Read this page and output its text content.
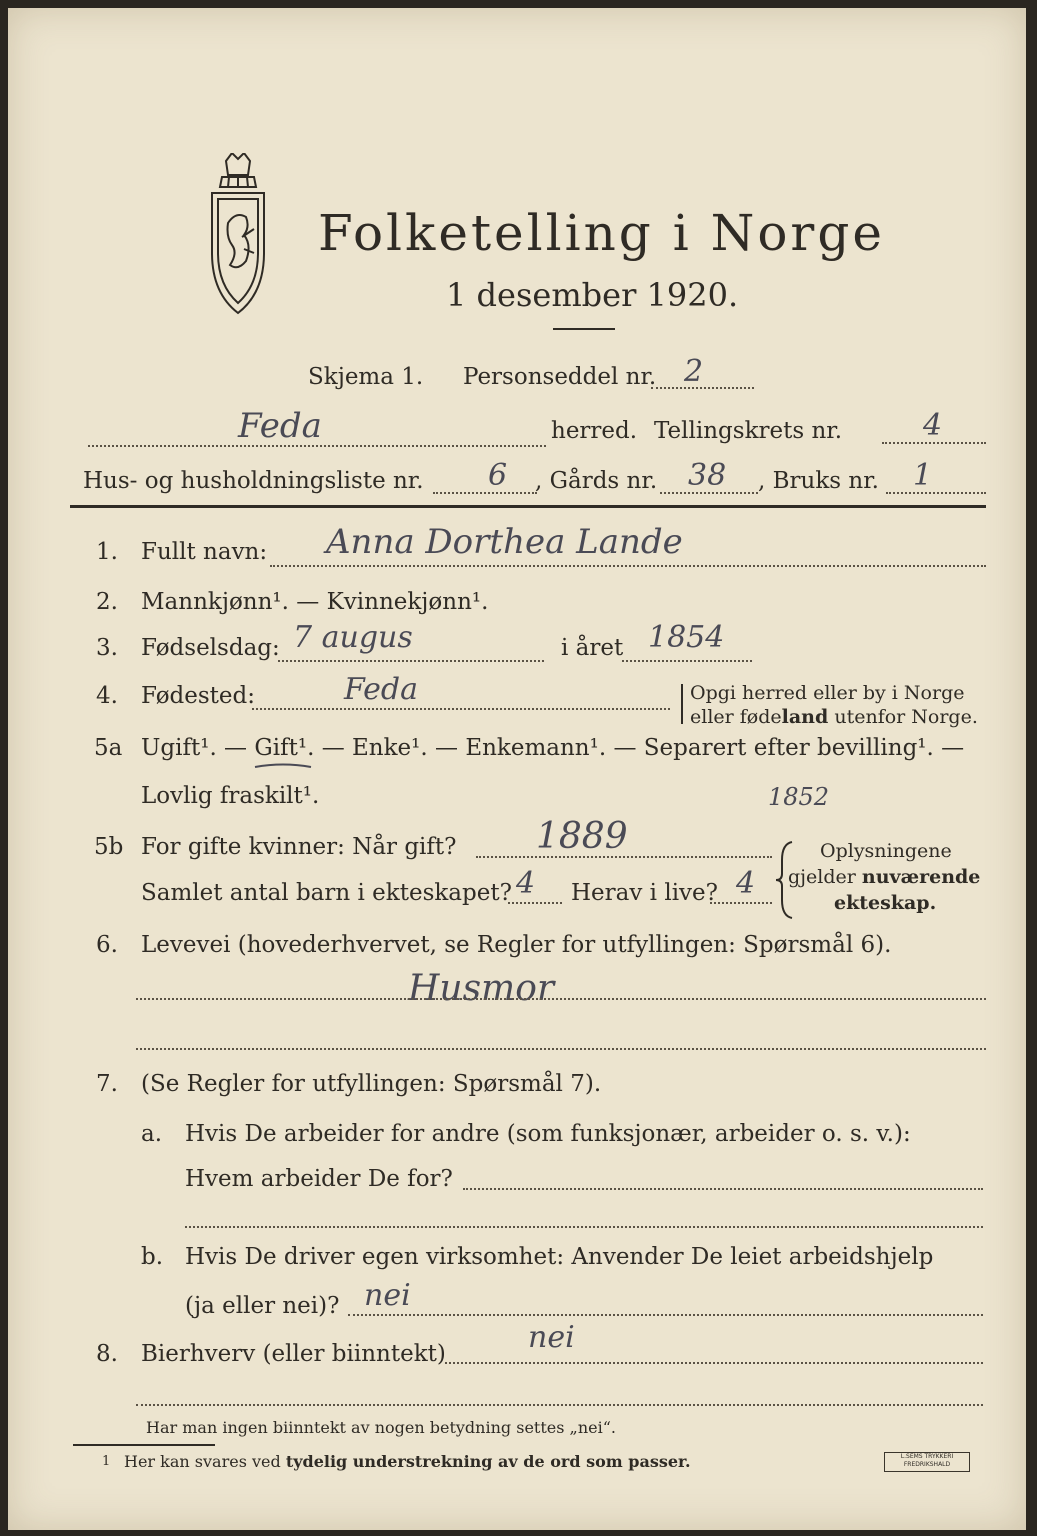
Folketelling i Norge
1 desember 1920.
Skjema 1. Personseddel nr. 2
Feda	herred. Tellingskrets nr.	4
Hus- og husholdningsliste nr. 6 , Gårds nr. 38 , Bruks nr. 1
1. Fullt navn: Anna Dorthea Lande
2. Mannkjønn¹. — Kvinnekjønn¹.
3. Fødselsdag: 7 augus	i året 1854
4. Fødested:	Feda	Opgi herred eller by i Norge
eller fødeland utenfor Norge.
5a Ugift¹. — Gift¹. — Enke¹. — Enkemann¹. — Separert efter bevilling¹. —
Lovlig fraskilt¹.	1852
5b For gifte kvinner: Når gift? 1889
Samlet antal barn i ekteskapet? 4 Herav i live? 4
Oplysningene
gjelder nuværende
ekteskap.
6. Levevei (hovederhvervet, se Regler for utfyllingen: Spørsmål 6).
Husmor
7. (Se Regler for utfyllingen: Spørsmål 7).
a. Hvis De arbeider for andre (som funksjonær, arbeider o. s. v.):
Hvem arbeider De for?
b. Hvis De driver egen virksomhet: Anvender De leiet arbeidshjelp
(ja eller nei)? nei
8. Bierhverv (eller biinntekt)	nei
Har man ingen biinntekt av nogen betydning settes „nei“.
1 Her kan svares ved tydelig understrekning av de ord som passer.	L.SEMS TRYKKERI
FREDRIKSHALD
